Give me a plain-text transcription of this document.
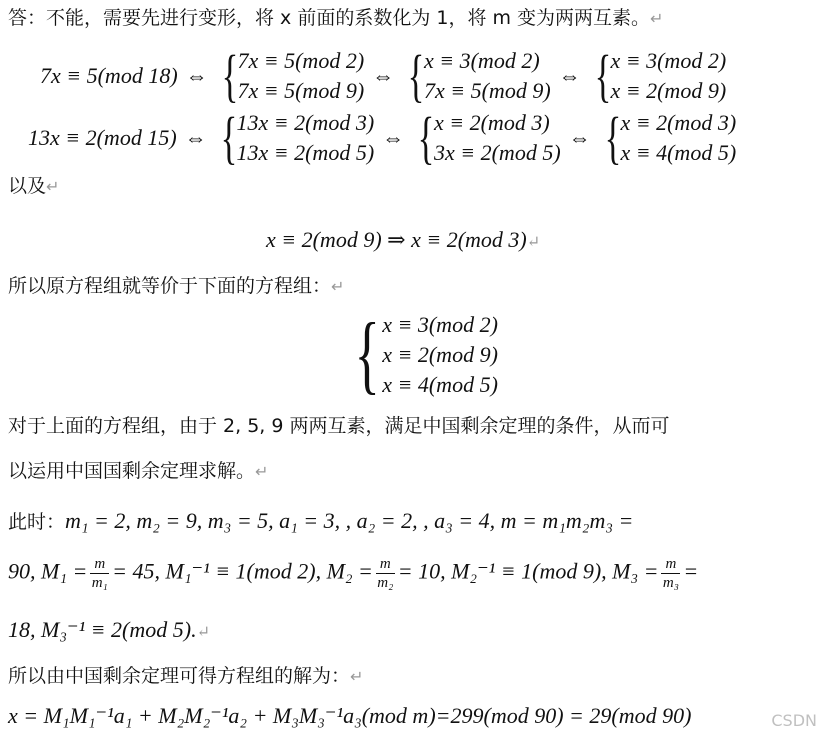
答：不能，需要先进行变形，将 x 前面的系数化为 1，将 m 变为两两互素。↵
7x ≡ 5(mod 18) ⇔ { 7x ≡ 5(mod 2)
7x ≡ 5(mod 9)
⇔ { x ≡ 3(mod 2)
7x ≡ 5(mod 9)
⇔ { x ≡ 3(mod 2)
x ≡ 2(mod 9)
13x ≡ 2(mod 15) ⇔ { 13x ≡ 2(mod 3)
13x ≡ 2(mod 5)
⇔ { x ≡ 2(mod 3)
3x ≡ 2(mod 5)
⇔ { x ≡ 2(mod 3)
x ≡ 4(mod 5)
以及↵
x ≡ 2(mod 9) ⇒ x ≡ 2(mod 3)↵
所以原方程组就等价于下面的方程组：↵
{ x ≡ 3(mod 2)
x ≡ 2(mod 9)
x ≡ 4(mod 5)
对于上面的方程组，由于 2, 5, 9 两两互素，满足中国剩余定理的条件，从而可
以运用中国国剩余定理求解。↵
此时：m₁ = 2, m₂ = 9, m₃ = 5, a₁ = 3, , a₂ = 2, , a₃ = 4, m = m₁m₂m₃ =
90, $M_1 = \frac{m}{\text{m₁}} = 45$, M₁⁻¹ ≡ 1(mod 2), $M_2 = \frac{m}{\text{m₂}} = 10$, M₂⁻¹ ≡ 1(mod 9), $M_3 = \frac{m}{\text{m₃}}$ =
18, M₃⁻¹ ≡ 2(mod 5).↵
所以由中国剩余定理可得方程组的解为：↵
x = M₁M₁⁻¹a₁ + M₂M₂⁻¹a₂ + M₃M₃⁻¹a₃(mod m)=299(mod 90) = 29(mod 90)	CSDN
